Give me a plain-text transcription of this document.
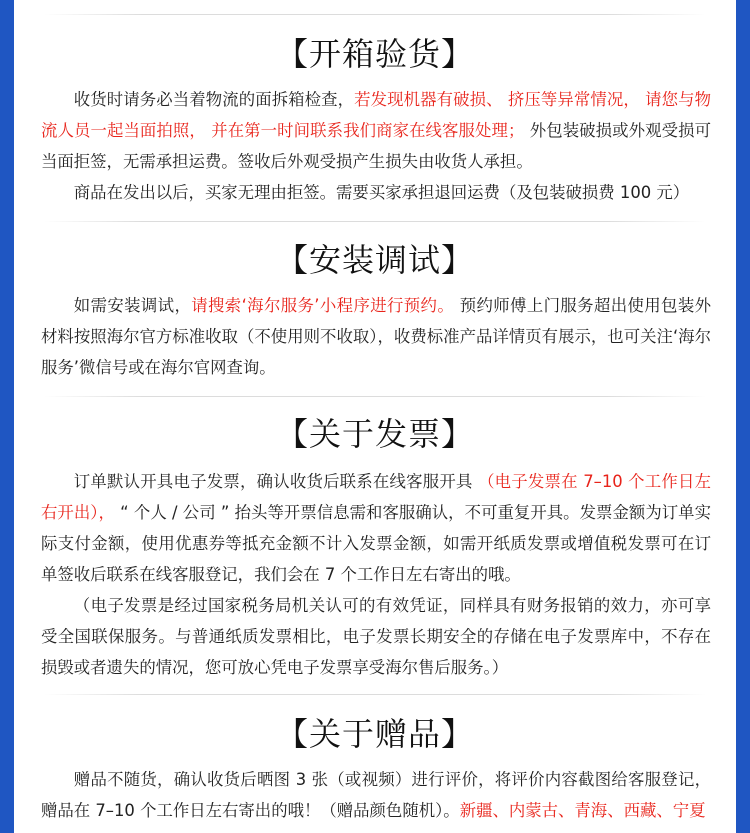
【开箱验货】
收货时请务必当着物流的面拆箱检查，若发现机器有破损、 挤压等异常情况， 请您与物流人员一起当面拍照， 并在第一时间联系我们商家在线客服处理； 外包装破损或外观受损可当面拒签，无需承担运费。签收后外观受损产生损失由收货人承担。
商品在发出以后，买家无理由拒签。需要买家承担退回运费（及包装破损费 100 元）
【安装调试】
如需安装调试，请搜索‘海尔服务’小程序进行预约。 预约师傅上门服务超出使用包装外材料按照海尔官方标准收取（不使用则不收取），收费标准产品详情页有展示，也可关注‘海尔服务’微信号或在海尔官网查询。
【关于发票】
订单默认开具电子发票，确认收货后联系在线客服开具 （电子发票在 7–10 个工作日左右开出）， “ 个人 / 公司 ” 抬头等开票信息需和客服确认，不可重复开具。发票金额为订单实际支付金额，使用优惠券等抵充金额不计入发票金额，如需开纸质发票或增值税发票可在订单签收后联系在线客服登记，我们会在 7 个工作日左右寄出的哦。
（电子发票是经过国家税务局机关认可的有效凭证，同样具有财务报销的效力，亦可享受全国联保服务。与普通纸质发票相比，电子发票长期安全的存储在电子发票库中，不存在损毁或者遗失的情况，您可放心凭电子发票享受海尔售后服务。）
【关于赠品】
赠品不随货，确认收货后晒图 3 张（或视频）进行评价，将评价内容截图给客服登记，赠品在 7–10 个工作日左右寄出的哦！（赠品颜色随机）。新疆、内蒙古、青海、西藏、宁夏
